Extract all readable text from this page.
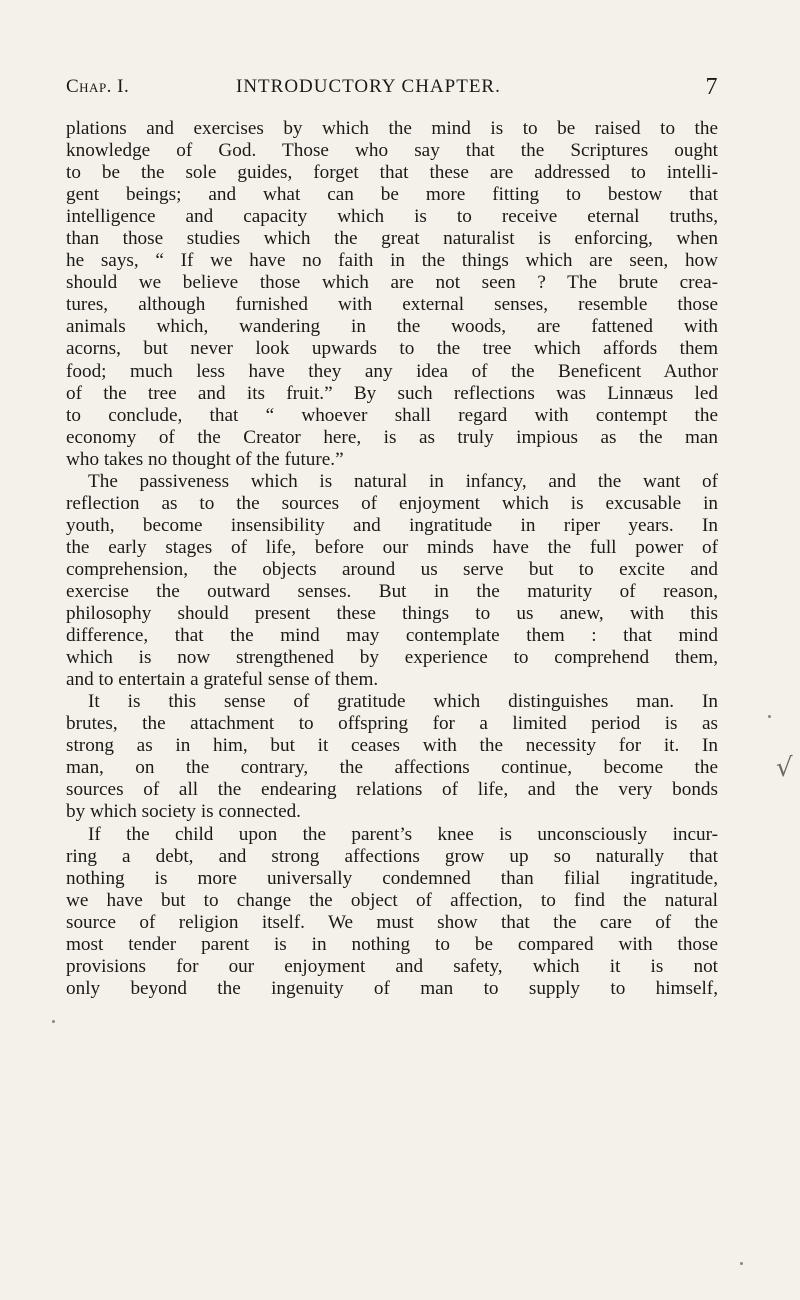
Chap. I.	INTRODUCTORY CHAPTER.	7
plations and exercises by which the mind is to be raised to the
knowledge of God. Those who say that the Scriptures ought
to be the sole guides, forget that these are addressed to intelli-
gent beings; and what can be more fitting to bestow that
intelligence and capacity which is to receive eternal truths,
than those studies which the great naturalist is enforcing, when
he says, “ If we have no faith in the things which are seen, how
should we believe those which are not seen ? The brute crea-
tures, although furnished with external senses, resemble those
animals which, wandering in the woods, are fattened with
acorns, but never look upwards to the tree which affords them
food; much less have they any idea of the Beneficent Author
of the tree and its fruit.” By such reflections was Linnæus led
to conclude, that “ whoever shall regard with contempt the
economy of the Creator here, is as truly impious as the man
who takes no thought of the future.”
The passiveness which is natural in infancy, and the want of
reflection as to the sources of enjoyment which is excusable in
youth, become insensibility and ingratitude in riper years. In
the early stages of life, before our minds have the full power of
comprehension, the objects around us serve but to excite and
exercise the outward senses. But in the maturity of reason,
philosophy should present these things to us anew, with this
difference, that the mind may contemplate them : that mind
which is now strengthened by experience to comprehend them,
and to entertain a grateful sense of them.
It is this sense of gratitude which distinguishes man. In
brutes, the attachment to offspring for a limited period is as
strong as in him, but it ceases with the necessity for it. In
man, on the contrary, the affections continue, become the
sources of all the endearing relations of life, and the very bonds
by which society is connected.
If the child upon the parent’s knee is unconsciously incur-
ring a debt, and strong affections grow up so naturally that
nothing is more universally condemned than filial ingratitude,
we have but to change the object of affection, to find the natural
source of religion itself. We must show that the care of the
most tender parent is in nothing to be compared with those
provisions for our enjoyment and safety, which it is not
only beyond the ingenuity of man to supply to himself,
√
